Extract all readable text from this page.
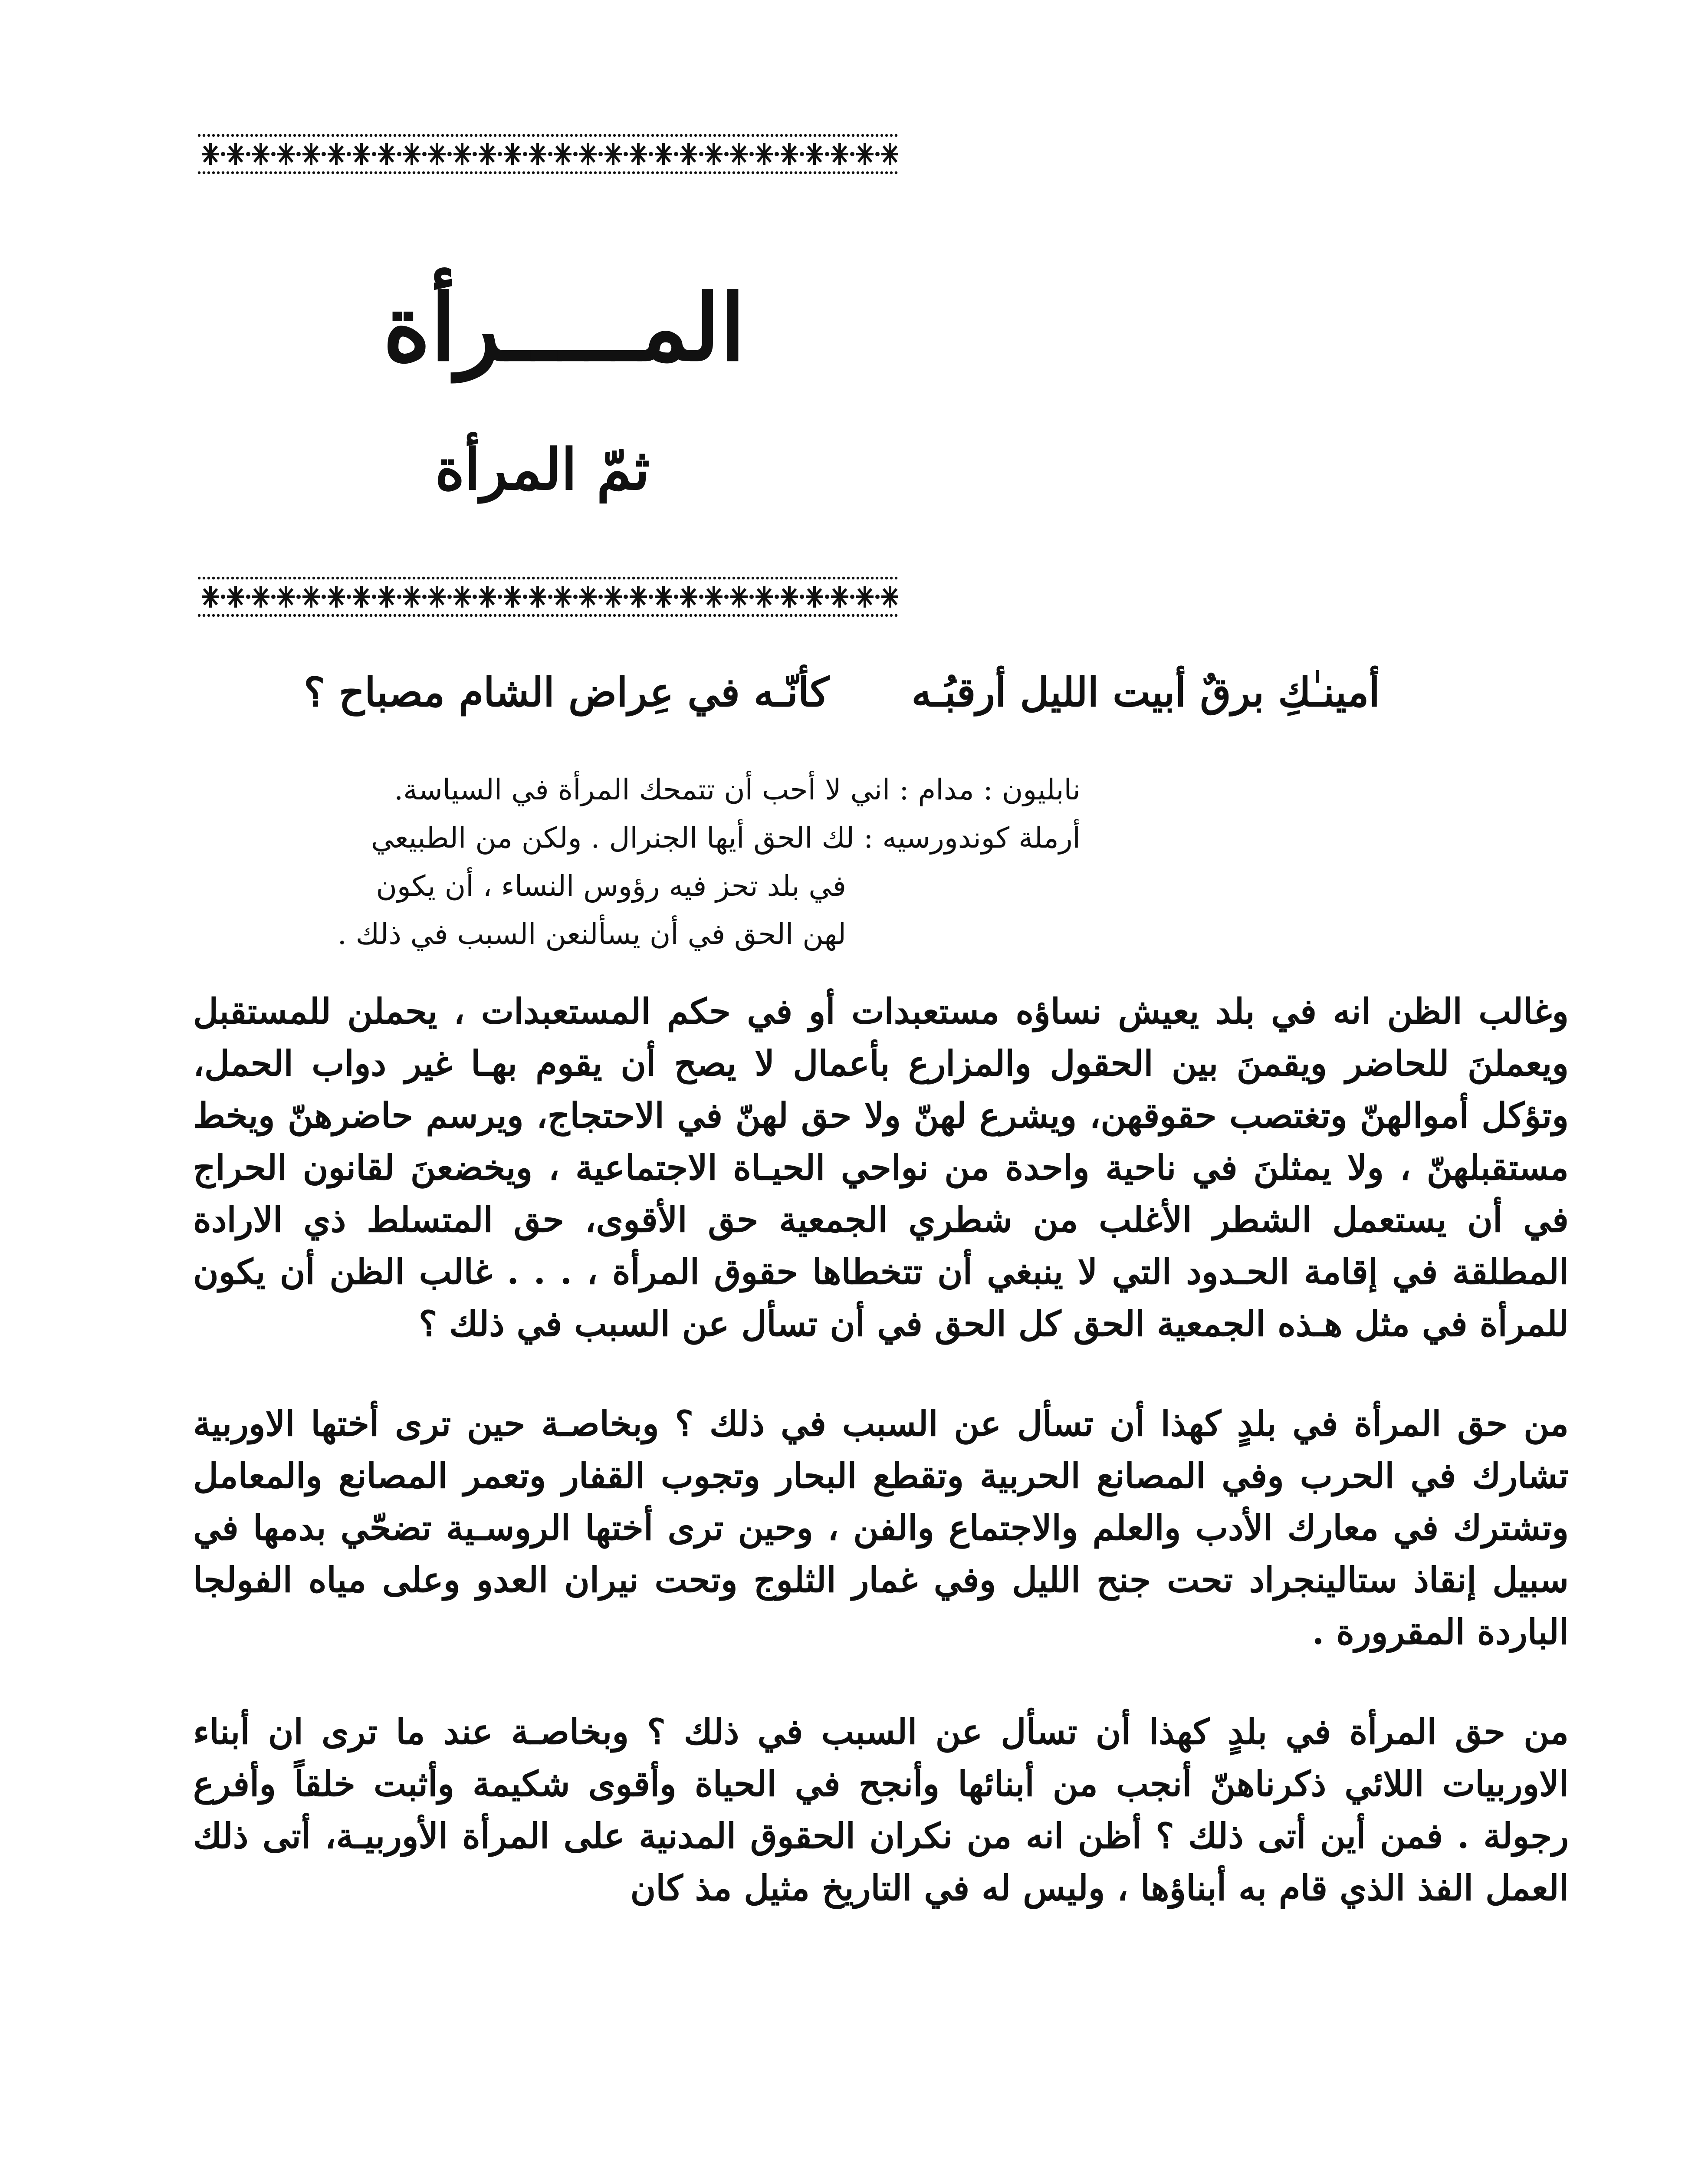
المـــــرأة
ثمّ المرأة
أمينـٰكِ برقٌ أبيت الليل أرقبُـه
كأنّـه في عِراض الشام مصباح ؟

نابليون : مدام : اني لا أحب أن تتمحك المرأة في السياسة.

أرملة كوندورسيه : لك الحق أيها الجنرال . ولكن من الطبيعي

في بلد تحز فيه رؤوس النساء ، أن يكون

لهن الحق في أن يسألنعن السبب في ذلك .

وغالب الظن انه في بلد يعيش نساؤه مستعبدات أو في حكم المستعبدات ، يحملن للمستقبل ويعملنَ للحاضر ويقمنَ بين الحقول والمزارع بأعمال لا يصح أن يقوم بهـا غير دواب الحمل، وتؤكل أموالهنّ وتغتصب حقوقهن، ويشرع لهنّ ولا حق لهنّ في الاحتجاج، ويرسم حاضرهنّ ويخط مستقبلهنّ ، ولا يمثلنَ في ناحية واحدة من نواحي الحيـاة الاجتماعية ، ويخضعنَ لقانون الحراج في أن يستعمل الشطر الأغلب من شطري الجمعية حق الأقوى، حق المتسلط ذي الارادة المطلقة في إقامة الحـدود التي لا ينبغي أن تتخطاها حقوق المرأة ، . . . غالب الظن أن يكون للمرأة في مثل هـذه الجمعية الحق كل الحق في أن تسأل عن السبب في ذلك ؟

من حق المرأة في بلدٍ كهذا أن تسأل عن السبب في ذلك ؟ وبخاصـة حين ترى أختها الاوربية تشارك في الحرب وفي المصانع الحربية وتقطع البحار وتجوب القفار وتعمر المصانع والمعامل وتشترك في معارك الأدب والعلم والاجتماع والفن ، وحين ترى أختها الروسـية تضحّي بدمها في سبيل إنقاذ ستالينجراد تحت جنح الليل وفي غمار الثلوج وتحت نيران العدو وعلى مياه الفولجا الباردة المقرورة .

من حق المرأة في بلدٍ كهذا أن تسأل عن السبب في ذلك ؟ وبخاصـة عند ما ترى ان أبناء الاوربيات اللائي ذكرناهنّ أنجب من أبنائها وأنجح في الحياة وأقوى شكيمة وأثبت خلقاً وأفرع رجولة . فمن أين أتى ذلك ؟ أظن انه من نكران الحقوق المدنية على المرأة الأوربيـة، أتى ذلك العمل الفذ الذي قام به أبناؤها ، وليس له في التاريخ مثيل مذ كان
